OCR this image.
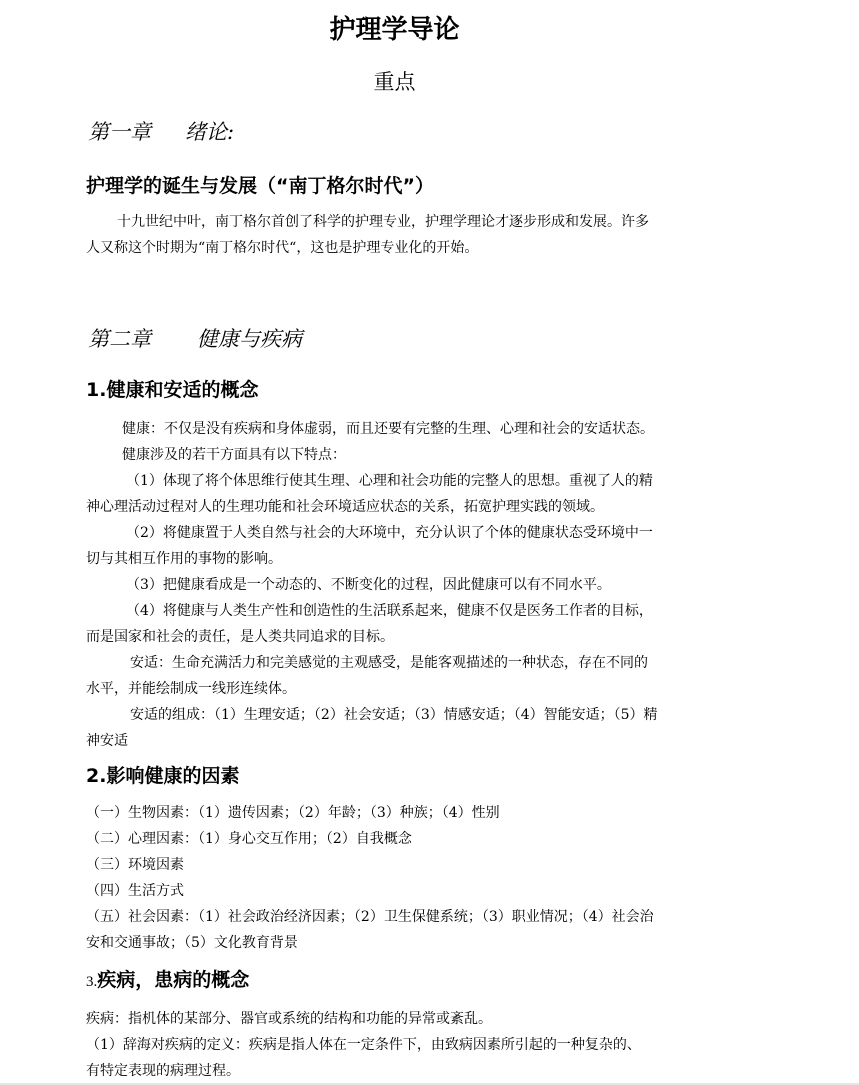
护理学导论
重点
第一章 绪论:
护理学的诞生与发展（“南丁格尔时代”）
十九世纪中叶，南丁格尔首创了科学的护理专业，护理学理论才逐步形成和发展。许多
人又称这个时期为“南丁格尔时代“，这也是护理专业化的开始。
第二章 健康与疾病
1.健康和安适的概念
健康：不仅是没有疾病和身体虚弱，而且还要有完整的生理、心理和社会的安适状态。
健康涉及的若干方面具有以下特点：
（1）体现了将个体思维行使其生理、心理和社会功能的完整人的思想。重视了人的精
神心理活动过程对人的生理功能和社会环境适应状态的关系，拓宽护理实践的领域。
（2）将健康置于人类自然与社会的大环境中，充分认识了个体的健康状态受环境中一
切与其相互作用的事物的影响。
（3）把健康看成是一个动态的、不断变化的过程，因此健康可以有不同水平。
（4）将健康与人类生产性和创造性的生活联系起来，健康不仅是医务工作者的目标，
而是国家和社会的责任，是人类共同追求的目标。
安适：生命充满活力和完美感觉的主观感受，是能客观描述的一种状态，存在不同的
水平，并能绘制成一线形连续体。
安适的组成：（1）生理安适；（2）社会安适；（3）情感安适；（4）智能安适；（5）精
神安适
2.影响健康的因素
（一）生物因素：（1）遗传因素；（2）年龄；（3）种族；（4）性别
（二）心理因素：（1）身心交互作用；（2）自我概念
（三）环境因素
（四）生活方式
（五）社会因素：（1）社会政治经济因素；（2）卫生保健系统；（3）职业情况；（4）社会治
安和交通事故；（5）文化教育背景
3.疾病，患病的概念
疾病：指机体的某部分、器官或系统的结构和功能的异常或紊乱。
（1）辞海对疾病的定义：疾病是指人体在一定条件下，由致病因素所引起的一种复杂的、
有特定表现的病理过程。
